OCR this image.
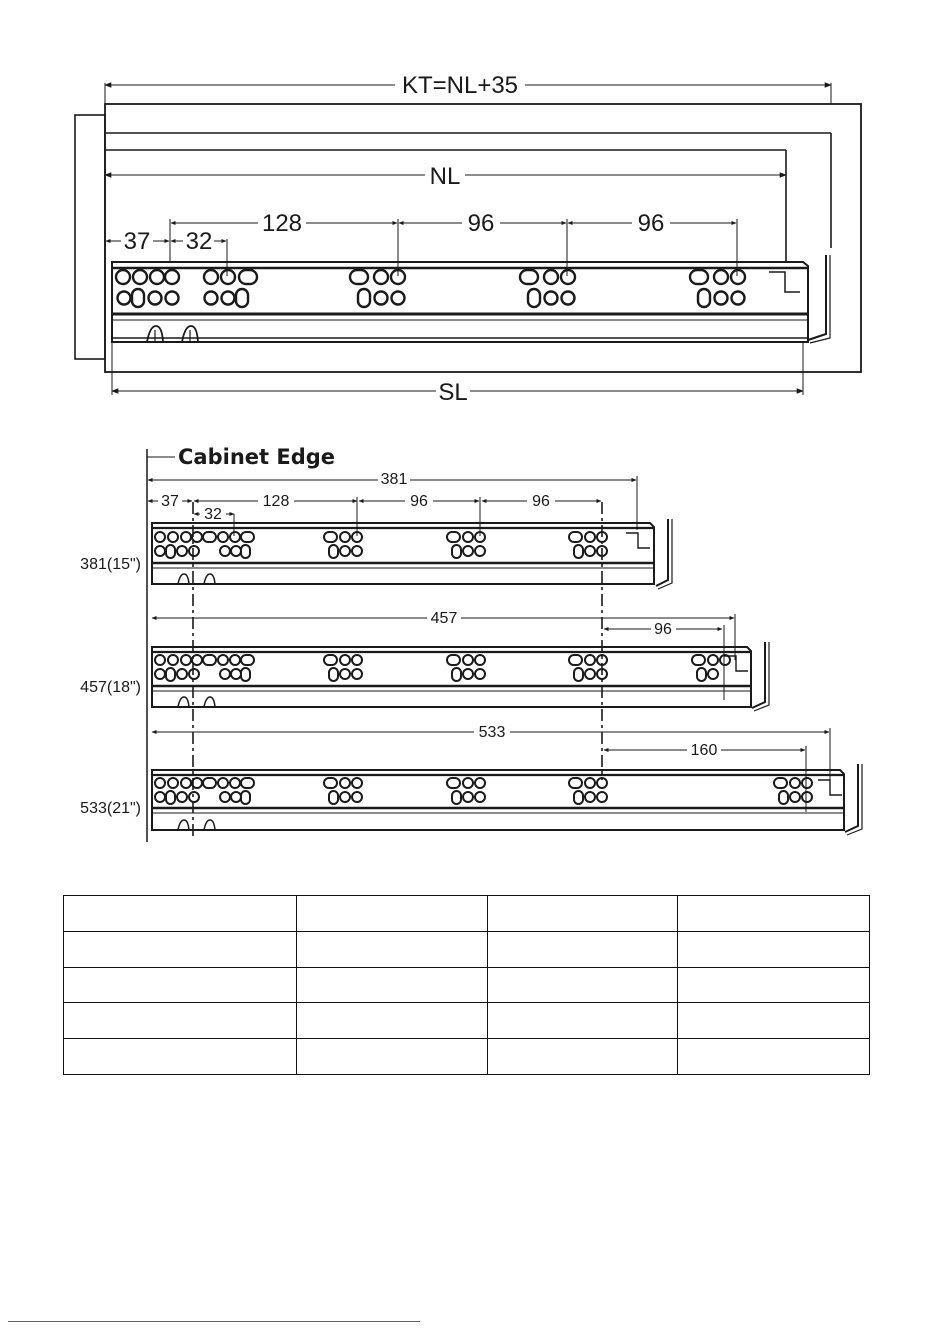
KT=NL+35
NL
SL
37 32
128	96	96
Cabinet Edge
381
37
32
128	96	96
457
96
533
160
381(15")
457(18")
533(21")
